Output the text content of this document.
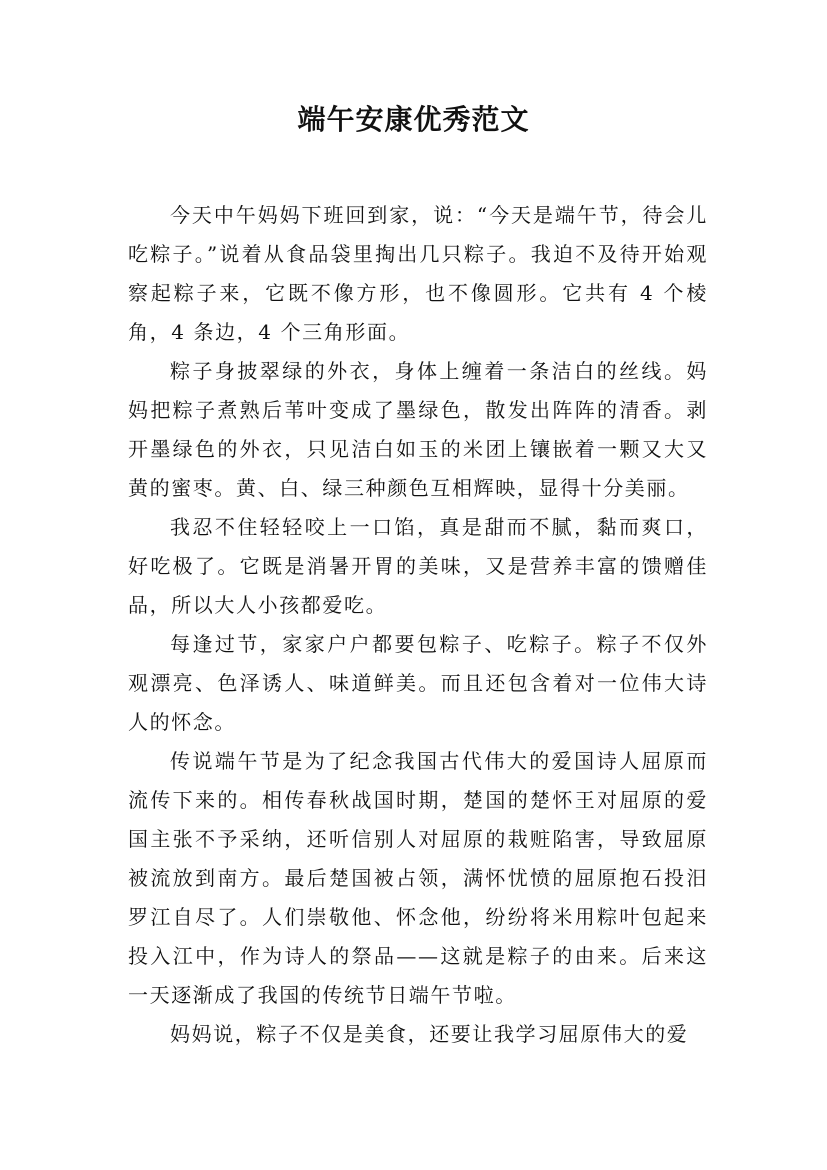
端午安康优秀范文

今天中午妈妈下班回到家，说：“今天是端午节，待会儿吃粽子。”说着从食品袋里掏出几只粽子。我迫不及待开始观察起粽子来，它既不像方形，也不像圆形。它共有 4 个棱角，4 条边，4 个三角形面。

粽子身披翠绿的外衣，身体上缠着一条洁白的丝线。妈妈把粽子煮熟后苇叶变成了墨绿色，散发出阵阵的清香。剥开墨绿色的外衣，只见洁白如玉的米团上镶嵌着一颗又大又黄的蜜枣。黄、白、绿三种颜色互相辉映，显得十分美丽。

我忍不住轻轻咬上一口馅，真是甜而不腻，黏而爽口，好吃极了。它既是消暑开胃的美味，又是营养丰富的馈赠佳品，所以大人小孩都爱吃。

每逢过节，家家户户都要包粽子、吃粽子。粽子不仅外观漂亮、色泽诱人、味道鲜美。而且还包含着对一位伟大诗人的怀念。

传说端午节是为了纪念我国古代伟大的爱国诗人屈原而流传下来的。相传春秋战国时期，楚国的楚怀王对屈原的爱国主张不予采纳，还听信别人对屈原的栽赃陷害，导致屈原被流放到南方。最后楚国被占领，满怀忧愤的屈原抱石投汨罗江自尽了。人们崇敬他、怀念他，纷纷将米用粽叶包起来投入江中，作为诗人的祭品——这就是粽子的由来。后来这一天逐渐成了我国的传统节日端午节啦。

妈妈说，粽子不仅是美食，还要让我学习屈原伟大的爱
